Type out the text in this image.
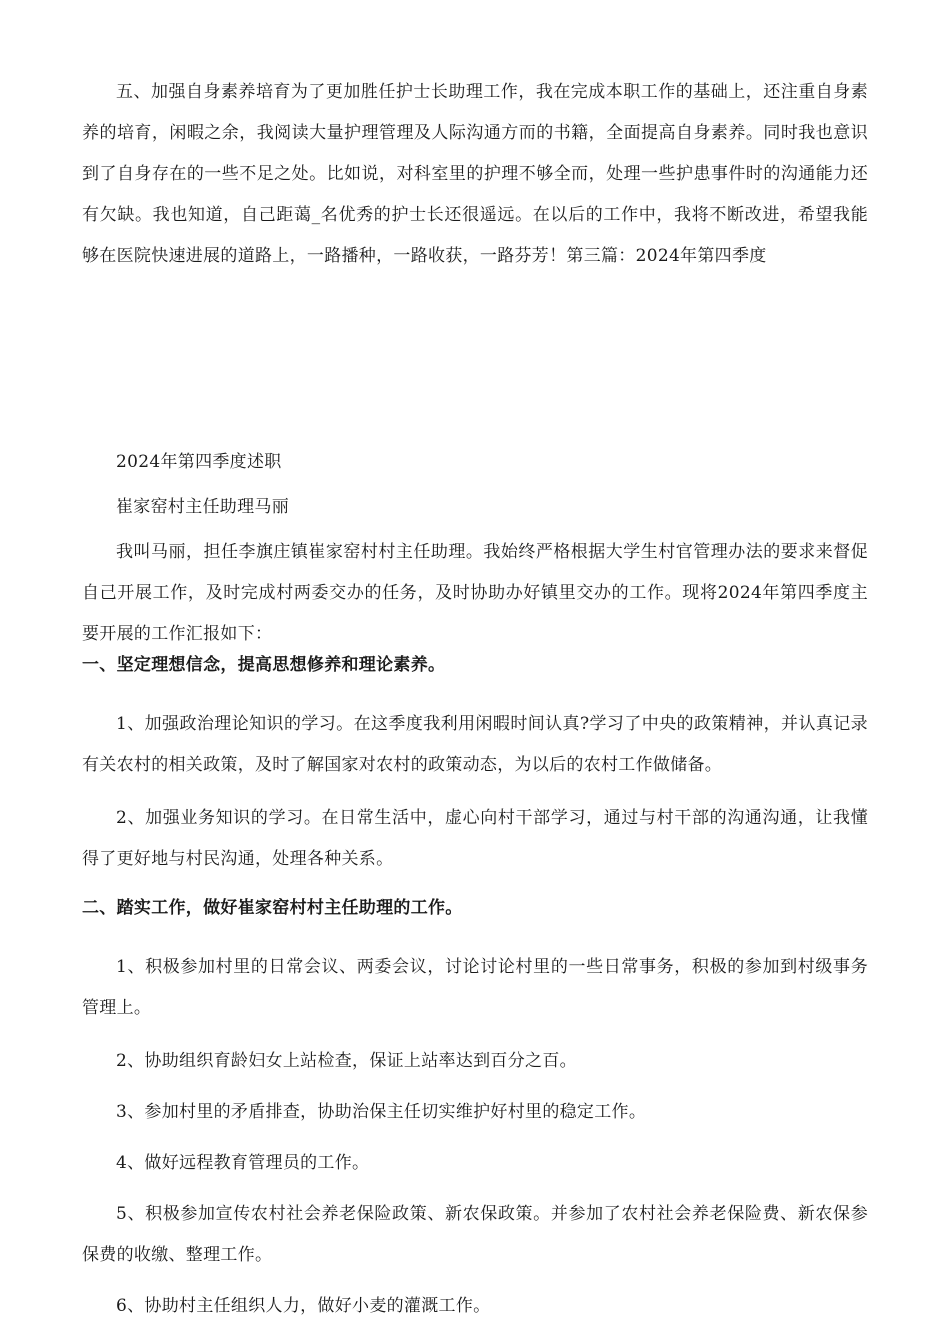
五、加强自身素养培育为了更加胜任护士长助理工作，我在完成本职工作的基础上，还注重自身素养的培育，闲暇之余，我阅读大量护理管理及人际沟通方而的书籍，全面提高自身素养。同时我也意识到了自身存在的一些不足之处。比如说，对科室里的护理不够全而，处理一些护患事件时的沟通能力还有欠缺。我也知道，自己距蔼_名优秀的护士长还很遥远。在以后的工作中，我将不断改进，希望我能够在医院快速进展的道路上，一路播种，一路收获，一路芬芳！第三篇：2024年第四季度

2024年第四季度述职

崔家窑村主任助理马丽

我叫马丽，担任李旗庄镇崔家窑村村主任助理。我始终严格根据大学生村官管理办法的要求来督促自己开展工作，及时完成村两委交办的任务，及时协助办好镇里交办的工作。现将2024年第四季度主要开展的工作汇报如下：

一、坚定理想信念，提高思想修养和理论素养。

1、加强政治理论知识的学习。在这季度我利用闲暇时间认真?学习了中央的政策精神，并认真记录有关农村的相关政策，及时了解国家对农村的政策动态，为以后的农村工作做储备。

2、加强业务知识的学习。在日常生活中，虚心向村干部学习，通过与村干部的沟通沟通，让我懂得了更好地与村民沟通，处理各种关系。

二、踏实工作，做好崔家窑村村主任助理的工作。

1、积极参加村里的日常会议、两委会议，讨论讨论村里的一些日常事务，积极的参加到村级事务管理上。

2、协助组织育龄妇女上站检查，保证上站率达到百分之百。

3、参加村里的矛盾排查，协助治保主任切实维护好村里的稳定工作。

4、做好远程教育管理员的工作。

5、积极参加宣传农村社会养老保险政策、新农保政策。并参加了农村社会养老保险费、新农保参保费的收缴、整理工作。

6、协助村主任组织人力，做好小麦的灌溉工作。
